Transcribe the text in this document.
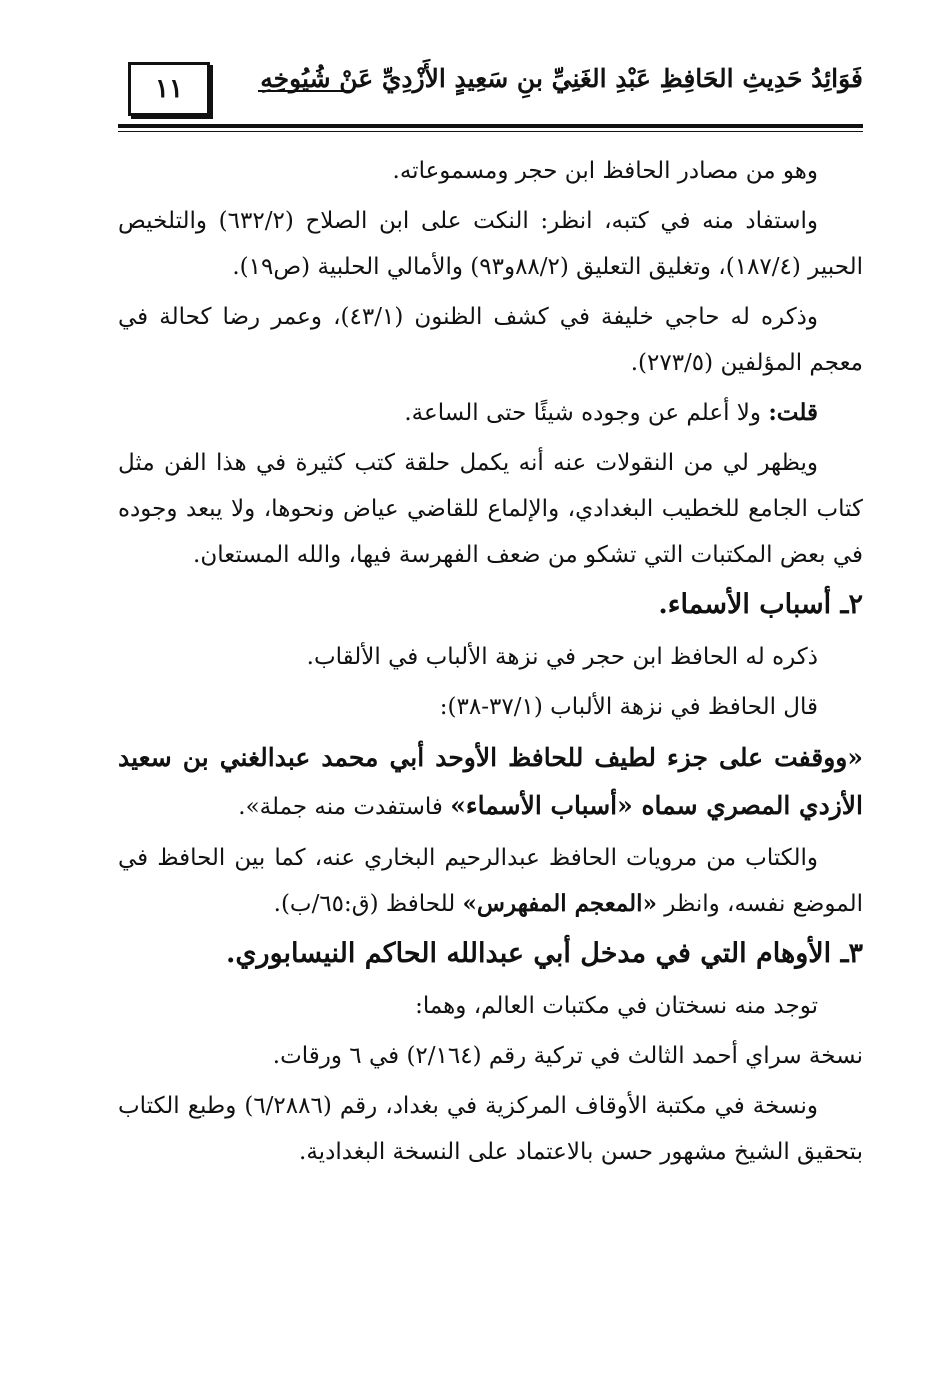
١١	فَوَائِدُ حَدِيثِ الحَافِظِ عَبْدِ الغَنِيِّ بنِ سَعِيدٍ الأَزْدِيِّ عَنْ شُيُوخِهِ

وهو من مصادر الحافظ ابن حجر ومسموعاته.

واستفاد منه في كتبه، انظر: النكت على ابن الصلاح (٦٣٢/٢) والتلخيص الحبير (١٨٧/٤)، وتغليق التعليق (٨٨/٢و٩٣) والأمالي الحلبية (ص١٩).

وذكره له حاجي خليفة في كشف الظنون (٤٣/١)، وعمر رضا كحالة في معجم المؤلفين (٢٧٣/٥).

قلت: ولا أعلم عن وجوده شيئًا حتى الساعة.

ويظهر لي من النقولات عنه أنه يكمل حلقة كتب كثيرة في هذا الفن مثل كتاب الجامع للخطيب البغدادي، والإلماع للقاضي عياض ونحوها، ولا يبعد وجوده في بعض المكتبات التي تشكو من ضعف الفهرسة فيها، والله المستعان.

٢ـ أسباب الأسماء.

ذكره له الحافظ ابن حجر في نزهة الألباب في الألقاب.

قال الحافظ في نزهة الألباب (٣٧/١-٣٨):

«ووقفت على جزء لطيف للحافظ الأوحد أبي محمد عبدالغني بن سعيد الأزدي المصري سماه «أسباب الأسماء» فاستفدت منه جملة».

والكتاب من مرويات الحافظ عبدالرحيم البخاري عنه، كما بين الحافظ في الموضع نفسه، وانظر «المعجم المفهرس» للحافظ (ق:٦٥/ب).

٣ـ الأوهام التي في مدخل أبي عبدالله الحاكم النيسابوري.

توجد منه نسختان في مكتبات العالم، وهما:

نسخة سراي أحمد الثالث في تركية رقم (٢/١٦٤) في ٦ ورقات.

ونسخة في مكتبة الأوقاف المركزية في بغداد، رقم (٦/٢٨٨٦) وطبع الكتاب بتحقيق الشيخ مشهور حسن بالاعتماد على النسخة البغدادية.
